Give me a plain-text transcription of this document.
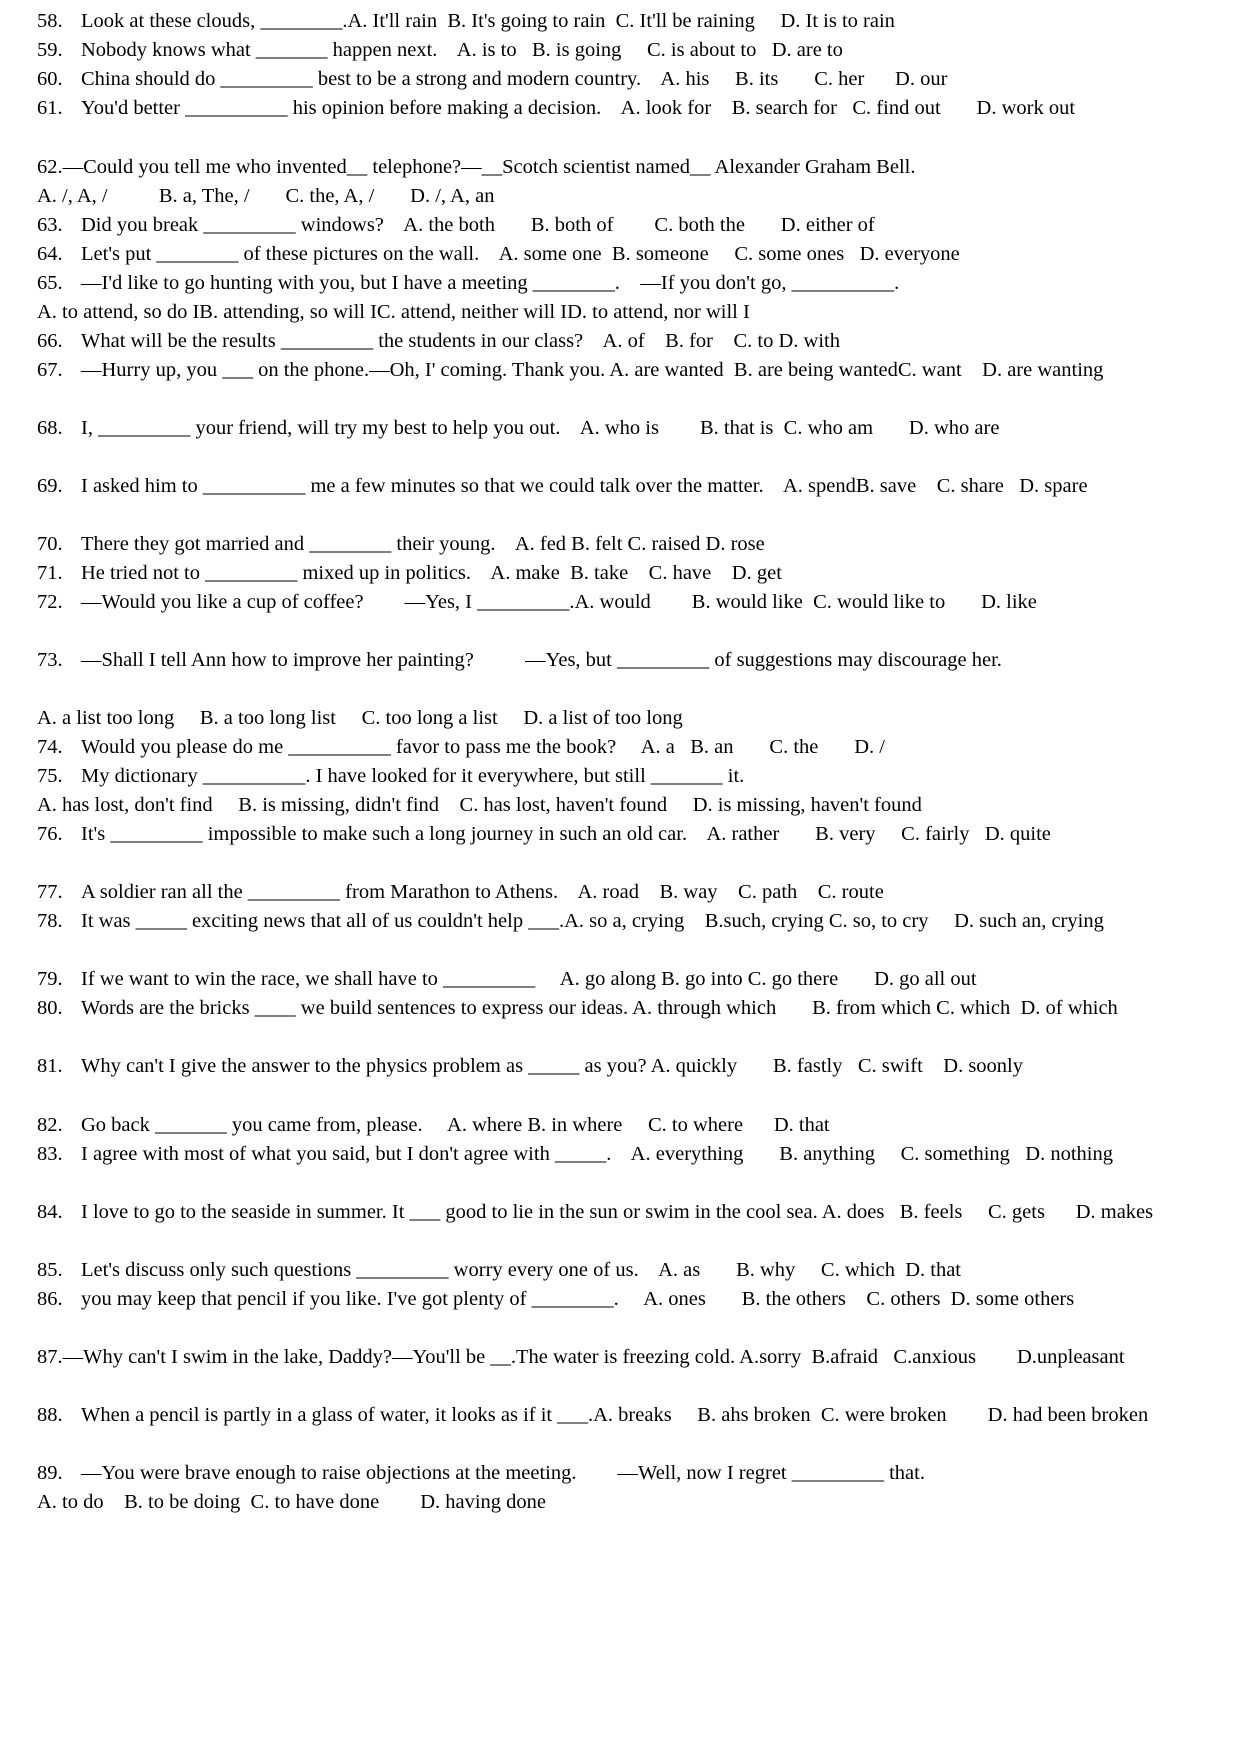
58. Look at these clouds, ________.A. It'll rain  B. It's going to rain  C. It'll be raining     D. It is to rain
59. Nobody knows what _______ happen next.    A. is to   B. is going     C. is about to   D. are to
60. China should do _________ best to be a strong and modern country.    A. his     B. its       C. her      D. our
61. You'd better __________ his opinion before making a decision.    A. look for    B. search for   C. find out       D. work out
62.—Could you tell me who invented__ telephone?—__Scotch scientist named__ Alexander Graham Bell.
A. /, A, /          B. a, The, /       C. the, A, /       D. /, A, an
63. Did you break _________ windows?    A. the both       B. both of        C. both the       D. either of
64. Let's put ________ of these pictures on the wall.    A. some one  B. someone     C. some ones   D. everyone
65. —I'd like to go hunting with you, but I have a meeting ________.    —If you don't go, __________.
A. to attend, so do IB. attending, so will IC. attend, neither will ID. to attend, nor will I
66. What will be the results _________ the students in our class?    A. of    B. for    C. to D. with
67. —Hurry up, you ___ on the phone.—Oh, I' coming. Thank you. A. are wanted  B. are being wantedC. want    D. are wanting
68. I, _________ your friend, will try my best to help you out.    A. who is        B. that is  C. who am       D. who are
69. I asked him to __________ me a few minutes so that we could talk over the matter.    A. spendB. save    C. share   D. spare
70. There they got married and ________ their young.    A. fed B. felt C. raised D. rose
71. He tried not to _________ mixed up in politics.    A. make  B. take    C. have    D. get
72. —Would you like a cup of coffee?        —Yes, I _________.A. would        B. would like  C. would like to       D. like
73. —Shall I tell Ann how to improve her painting?          —Yes, but _________ of suggestions may discourage her.
A. a list too long     B. a too long list     C. too long a list     D. a list of too long
74. Would you please do me __________ favor to pass me the book?     A. a   B. an       C. the       D. /
75. My dictionary __________. I have looked for it everywhere, but still _______ it.
A. has lost, don't find     B. is missing, didn't find    C. has lost, haven't found     D. is missing, haven't found
76. It's _________ impossible to make such a long journey in such an old car.    A. rather       B. very     C. fairly   D. quite
77. A soldier ran all the _________ from Marathon to Athens.    A. road    B. way    C. path    C. route
78. It was _____ exciting news that all of us couldn't help ___.A. so a, crying    B.such, crying C. so, to cry     D. such an, crying
79. If we want to win the race, we shall have to _________     A. go along B. go into C. go there       D. go all out
80. Words are the bricks ____ we build sentences to express our ideas. A. through which       B. from which C. which  D. of which
81. Why can't I give the answer to the physics problem as _____ as you? A. quickly       B. fastly   C. swift    D. soonly
82. Go back _______ you came from, please.     A. where B. in where     C. to where      D. that
83. I agree with most of what you said, but I don't agree with _____.    A. everything       B. anything     C. something   D. nothing
84. I love to go to the seaside in summer. It ___ good to lie in the sun or swim in the cool sea. A. does   B. feels     C. gets      D. makes
85. Let's discuss only such questions _________ worry every one of us.    A. as       B. why     C. which  D. that
86. you may keep that pencil if you like. I've got plenty of ________.     A. ones       B. the others    C. others  D. some others
87.—Why can't I swim in the lake, Daddy?—You'll be __.The water is freezing cold. A.sorry  B.afraid   C.anxious        D.unpleasant
88. When a pencil is partly in a glass of water, it looks as if it ___.A. breaks     B. ahs broken  C. were broken        D. had been broken
89. —You were brave enough to raise objections at the meeting.        —Well, now I regret _________ that.
A. to do    B. to be doing  C. to have done        D. having done
